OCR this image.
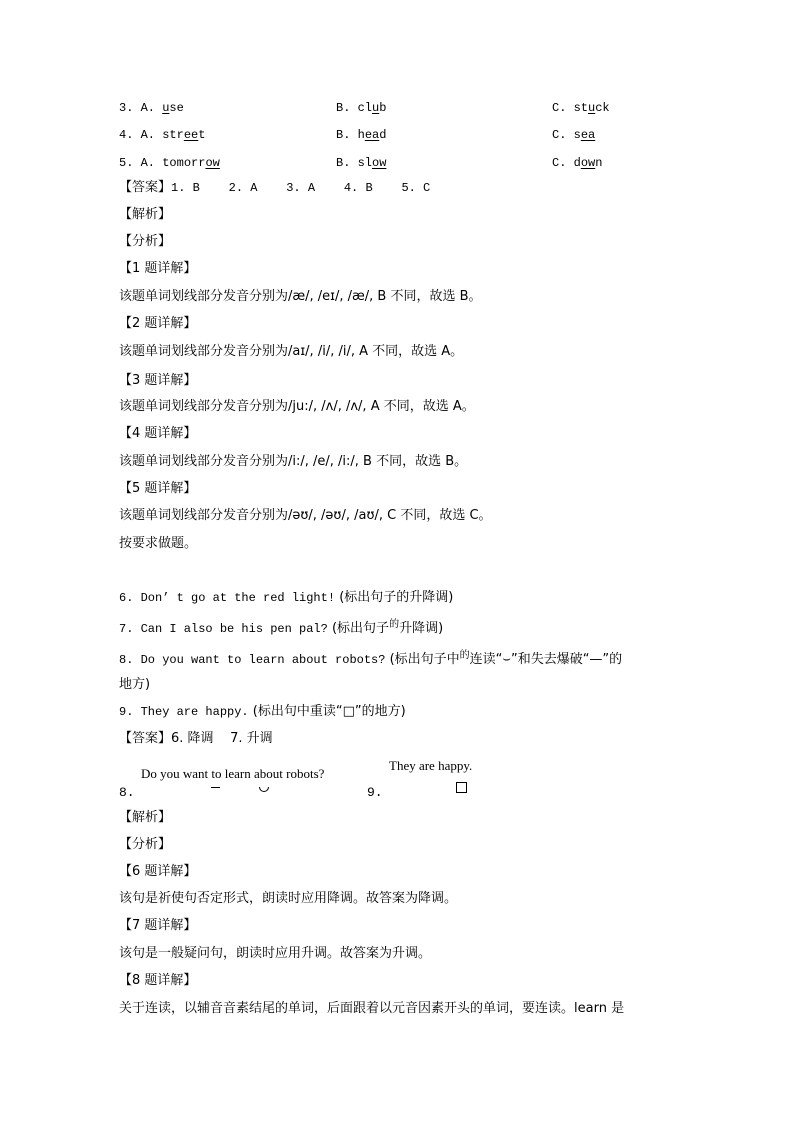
3. A. use	B. club	C. stuck
4. A. street	B. head	C. sea
5. A. tomorrow	B. slow	C. down
【答案】1. B    2. A    3. A    4. B    5. C
【解析】
【分析】
【1 题详解】
该题单词划线部分发音分别为/æ/, /eɪ/, /æ/, B 不同，故选 B。
【2 题详解】
该题单词划线部分发音分别为/aɪ/, /i/, /i/, A 不同，故选 A。
【3 题详解】
该题单词划线部分发音分别为/ju:/, /ʌ/, /ʌ/, A 不同，故选 A。
【4 题详解】
该题单词划线部分发音分别为/i:/, /e/, /i:/, B 不同，故选 B。
【5 题详解】
该题单词划线部分发音分别为/əʊ/, /əʊ/, /aʊ/, C 不同，故选 C。
按要求做题。
6. Don’ t go at the red light! (标出句子的升降调)
7. Can I also be his pen pal? (标出句子$^的$升降调)
8. Do you want to learn about robots? (标出句子中$^的$连读“⌣”和失去爆破“—”的
地方)
9. They are happy. (标出句中重读“□”的地方)
【答案】6. 降调    7. 升调
Do you want to learn about robots?
8.
They are happy.
9.
【解析】
【分析】
【6 题详解】
该句是祈使句否定形式，朗读时应用降调。故答案为降调。
【7 题详解】
该句是一般疑问句，朗读时应用升调。故答案为升调。
【8 题详解】
关于连读，以辅音音素结尾的单词，后面跟着以元音因素开头的单词，要连读。learn 是
